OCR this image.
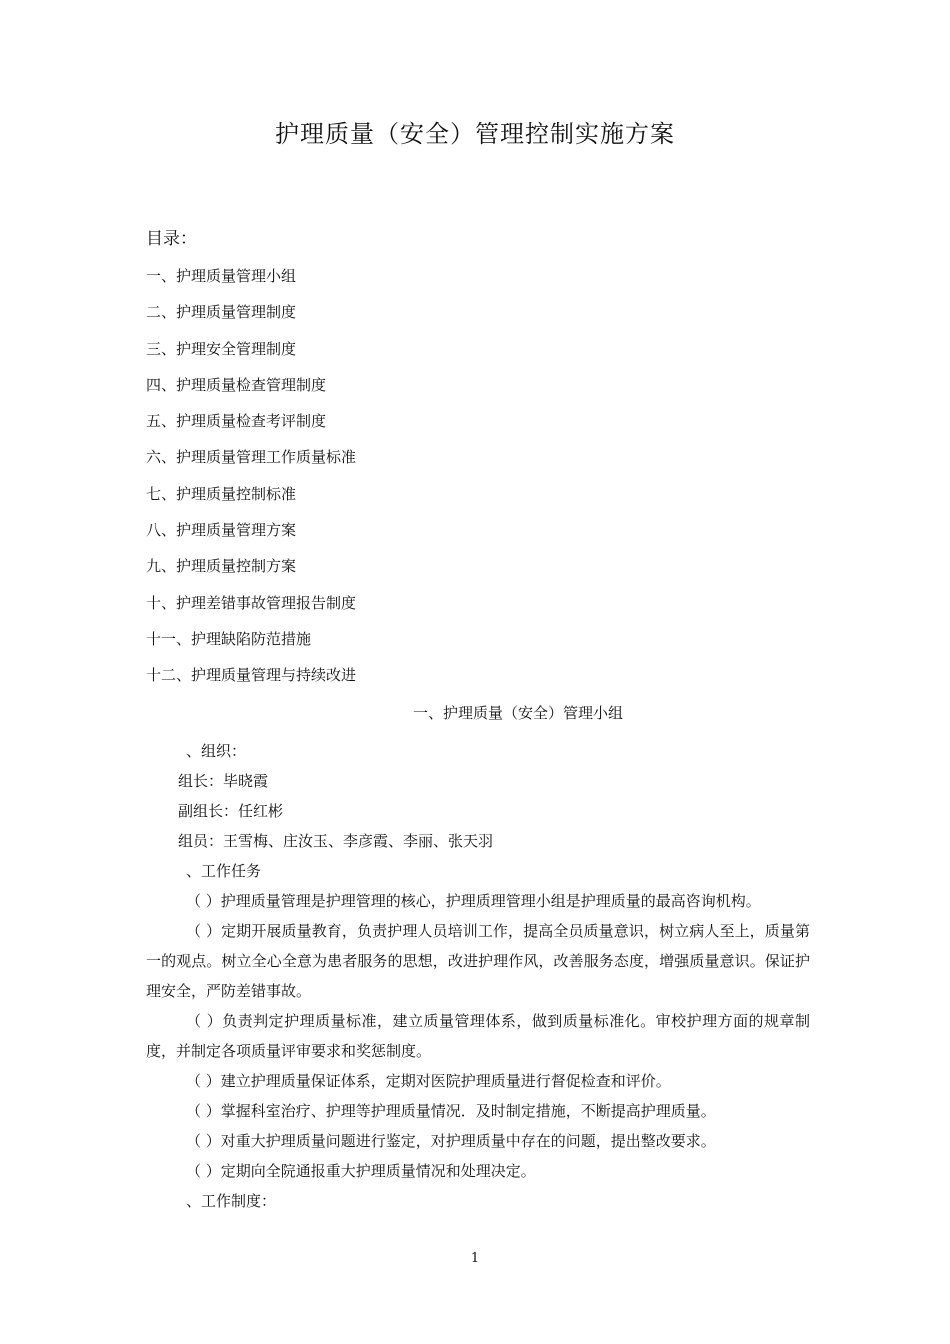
护理质量（安全）管理控制实施方案
目录：
一、护理质量管理小组
二、护理质量管理制度
三、护理安全管理制度
四、护理质量检查管理制度
五、护理质量检查考评制度
六、护理质量管理工作质量标准
七、护理质量控制标准
八、护理质量管理方案
九、护理质量控制方案
十、护理差错事故管理报告制度
十一、护理缺陷防范措施
十二、护理质量管理与持续改进
一、护理质量（安全）管理小组
、组织：
组长：毕晓霞
副组长：任红彬
组员：王雪梅、庄汝玉、李彦霞、李丽、张天羽
、工作任务

（ ）护理质量管理是护理管理的核心，护理质理管理小组是护理质量的最高咨询机构。

（ ）定期开展质量教育，负责护理人员培训工作，提高全员质量意识，树立病人至上，质量第一的观点。树立全心全意为患者服务的思想，改进护理作风，改善服务态度，增强质量意识。保证护理安全，严防差错事故。

（ ）负责判定护理质量标准，建立质量管理体系，做到质量标准化。审校护理方面的规章制度，并制定各项质量评审要求和奖惩制度。

（ ）建立护理质量保证体系，定期对医院护理质量进行督促检查和评价。

（ ）掌握科室治疗、护理等护理质量情况．及时制定措施，不断提高护理质量。

（ ）对重大护理质量问题进行鉴定，对护理质量中存在的问题，提出整改要求。

（ ）定期向全院通报重大护理质量情况和处理决定。

、工作制度：
1
